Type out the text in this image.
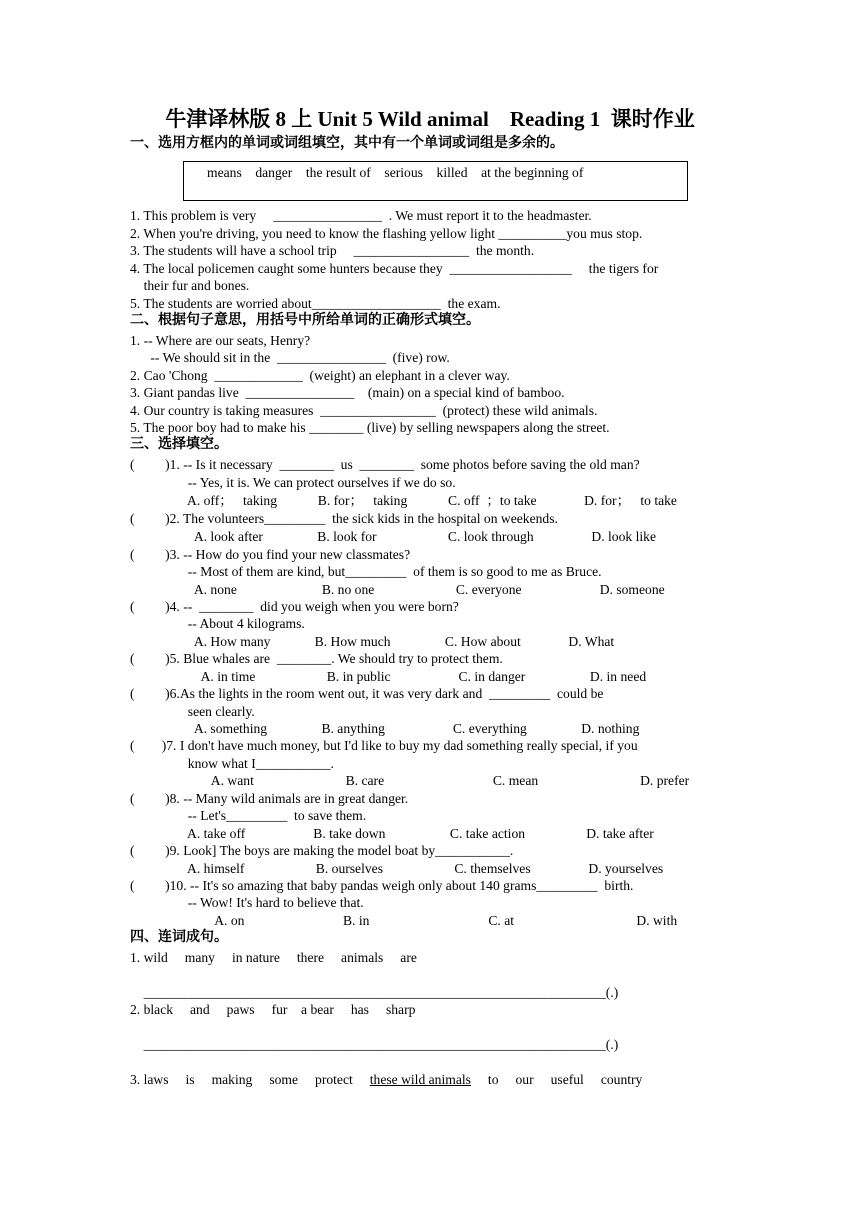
牛津译林版 8 上 Unit 5 Wild animal    Reading 1  课时作业
一、选用方框内的单词或词组填空，其中有一个单词或词组是多余的。
means    danger    the result of    serious    killed    at the beginning of
1. This problem is very     ________________  . We must report it to the headmaster.
2. When you're driving, you need to know the flashing yellow light __________you mus stop.
3. The students will have a school trip     _________________  the month.
4. The local policemen caught some hunters because they  __________________     the tigers for
their fur and bones.
5. The students are worried about___________________  the exam.
二、根据句子意思，用括号中所给单词的正确形式填空。
1. -- Where are our seats, Henry?
-- We should sit in the  ________________  (five) row.
2. Cao 'Chong  _____________  (weight) an elephant in a clever way.
3. Giant pandas live  ________________    (main) on a special kind of bamboo.
4. Our country is taking measures  _________________  (protect) these wild animals.
5. The poor boy had to make his ________ (live) by selling newspapers along the street.
三、选择填空。
(         )1. -- Is it necessary  ________  us  ________  some photos before saving the old man?
-- Yes, it is. We can protect ourselves if we do so.
A. off；   taking            B. for；   taking            C. off  ；to take              D. for；   to take
(         )2. The volunteers_________  the sick kids in the hospital on weekends.
A. look after                B. look for                     C. look through                 D. look like
(         )3. -- How do you find your new classmates?
-- Most of them are kind, but_________  of them is so good to me as Bruce.
A. none                         B. no one                        C. everyone                       D. someone
(         )4. --  ________  did you weigh when you were born?
-- About 4 kilograms.
A. How many             B. How much                C. How about              D. What
(         )5. Blue whales are  ________. We should try to protect them.
A. in time                     B. in public                    C. in danger                   D. in need
(         )6.As the lights in the room went out, it was very dark and  _________  could be
seen clearly.
A. something                B. anything                    C. everything                D. nothing
(        )7. I don't have much money, but I'd like to buy my dad something really special, if you
know what I___________.
A. want                           B. care                                C. mean                              D. prefer
(         )8. -- Many wild animals are in great danger.
-- Let's_________  to save them.
A. take off                    B. take down                   C. take action                  D. take after
(         )9. Look] The boys are making the model boat by___________.
A. himself                     B. ourselves                     C. themselves                 D. yourselves
(         )10. -- It's so amazing that baby pandas weigh only about 140 grams_________  birth.
-- Wow! It's hard to believe that.
A. on                             B. in                                   C. at                                    D. with
四、连词成句。
1. wild     many     in nature     there     animals     are
____________________________________________________________________(.)
2. black     and     paws     fur    a bear     has     sharp
____________________________________________________________________(.)
3. laws     is     making     some     protect     these wild animals     to     our     useful     country
